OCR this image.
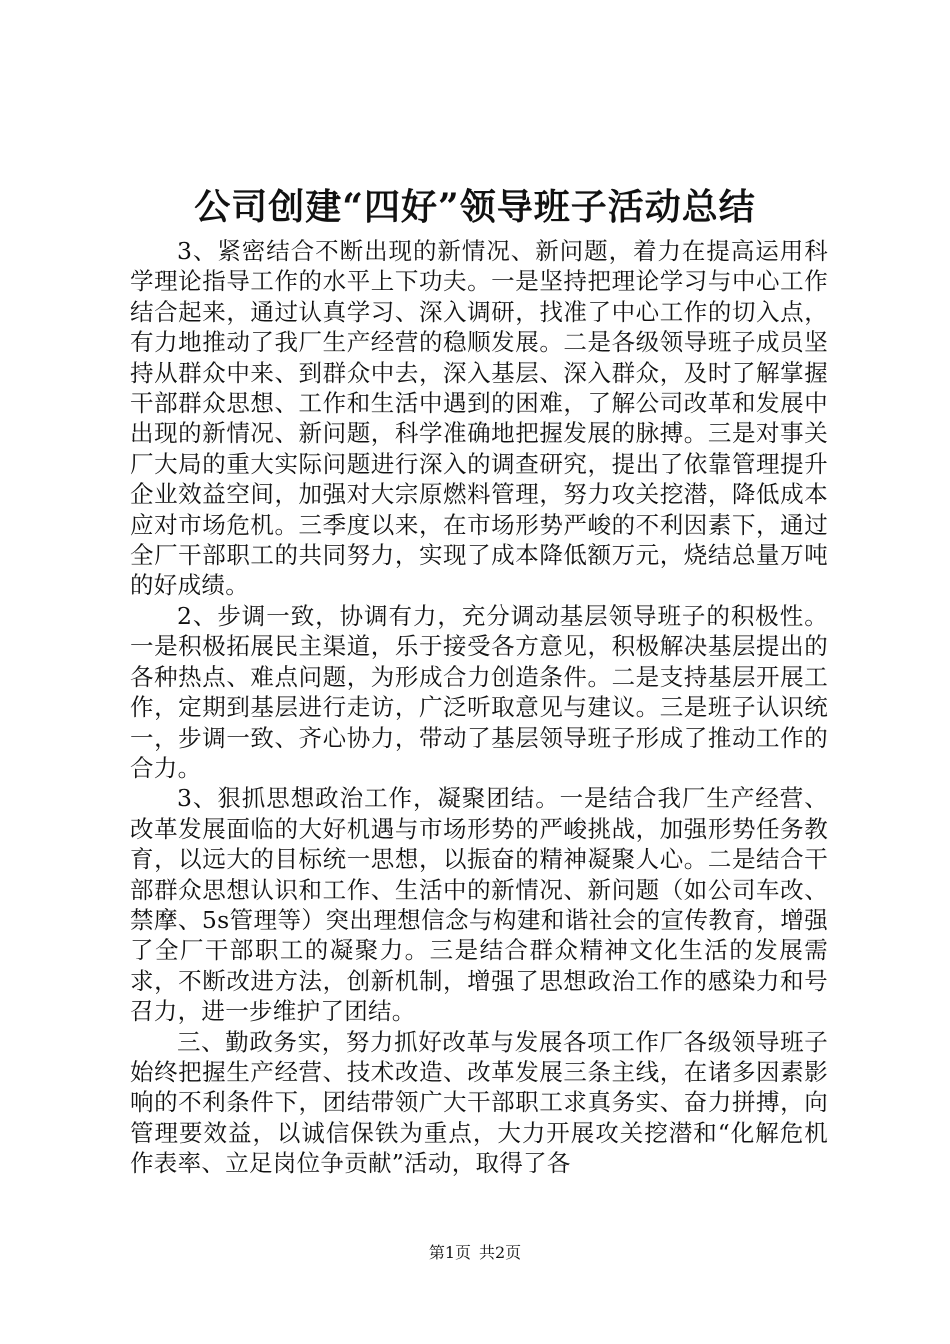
公司创建“四好”领导班子活动总结

3、紧密结合不断出现的新情况、新问题，着力在提高运用科学理论指导工作的水平上下功夫。一是坚持把理论学习与中心工作结合起来，通过认真学习、深入调研，找准了中心工作的切入点，有力地推动了我厂生产经营的稳顺发展。二是各级领导班子成员坚持从群众中来、到群众中去，深入基层、深入群众，及时了解掌握干部群众思想、工作和生活中遇到的困难，了解公司改革和发展中出现的新情况、新问题，科学准确地把握发展的脉搏。三是对事关厂大局的重大实际问题进行深入的调查研究，提出了依靠管理提升企业效益空间，加强对大宗原燃料管理，努力攻关挖潜，降低成本应对市场危机。三季度以来，在市场形势严峻的不利因素下，通过全厂干部职工的共同努力，实现了成本降低额万元，烧结总量万吨的好成绩。

2、步调一致，协调有力，充分调动基层领导班子的积极性。一是积极拓展民主渠道，乐于接受各方意见，积极解决基层提出的各种热点、难点问题，为形成合力创造条件。二是支持基层开展工作，定期到基层进行走访，广泛听取意见与建议。三是班子认识统一，步调一致、齐心协力，带动了基层领导班子形成了推动工作的合力。

3、狠抓思想政治工作，凝聚团结。一是结合我厂生产经营、改革发展面临的大好机遇与市场形势的严峻挑战，加强形势任务教育，以远大的目标统一思想，以振奋的精神凝聚人心。二是结合干部群众思想认识和工作、生活中的新情况、新问题（如公司车改、禁摩、5s管理等）突出理想信念与构建和谐社会的宣传教育，增强了全厂干部职工的凝聚力。三是结合群众精神文化生活的发展需求，不断改进方法，创新机制，增强了思想政治工作的感染力和号召力，进一步维护了团结。

三、勤政务实，努力抓好改革与发展各项工作厂各级领导班子始终把握生产经营、技术改造、改革发展三条主线，在诸多因素影响的不利条件下，团结带领广大干部职工求真务实、奋力拼搏，向管理要效益，以诚信保铁为重点，大力开展攻关挖潜和“化解危机作表率、立足岗位争贡献”活动，取得了各

第1页 共2页
